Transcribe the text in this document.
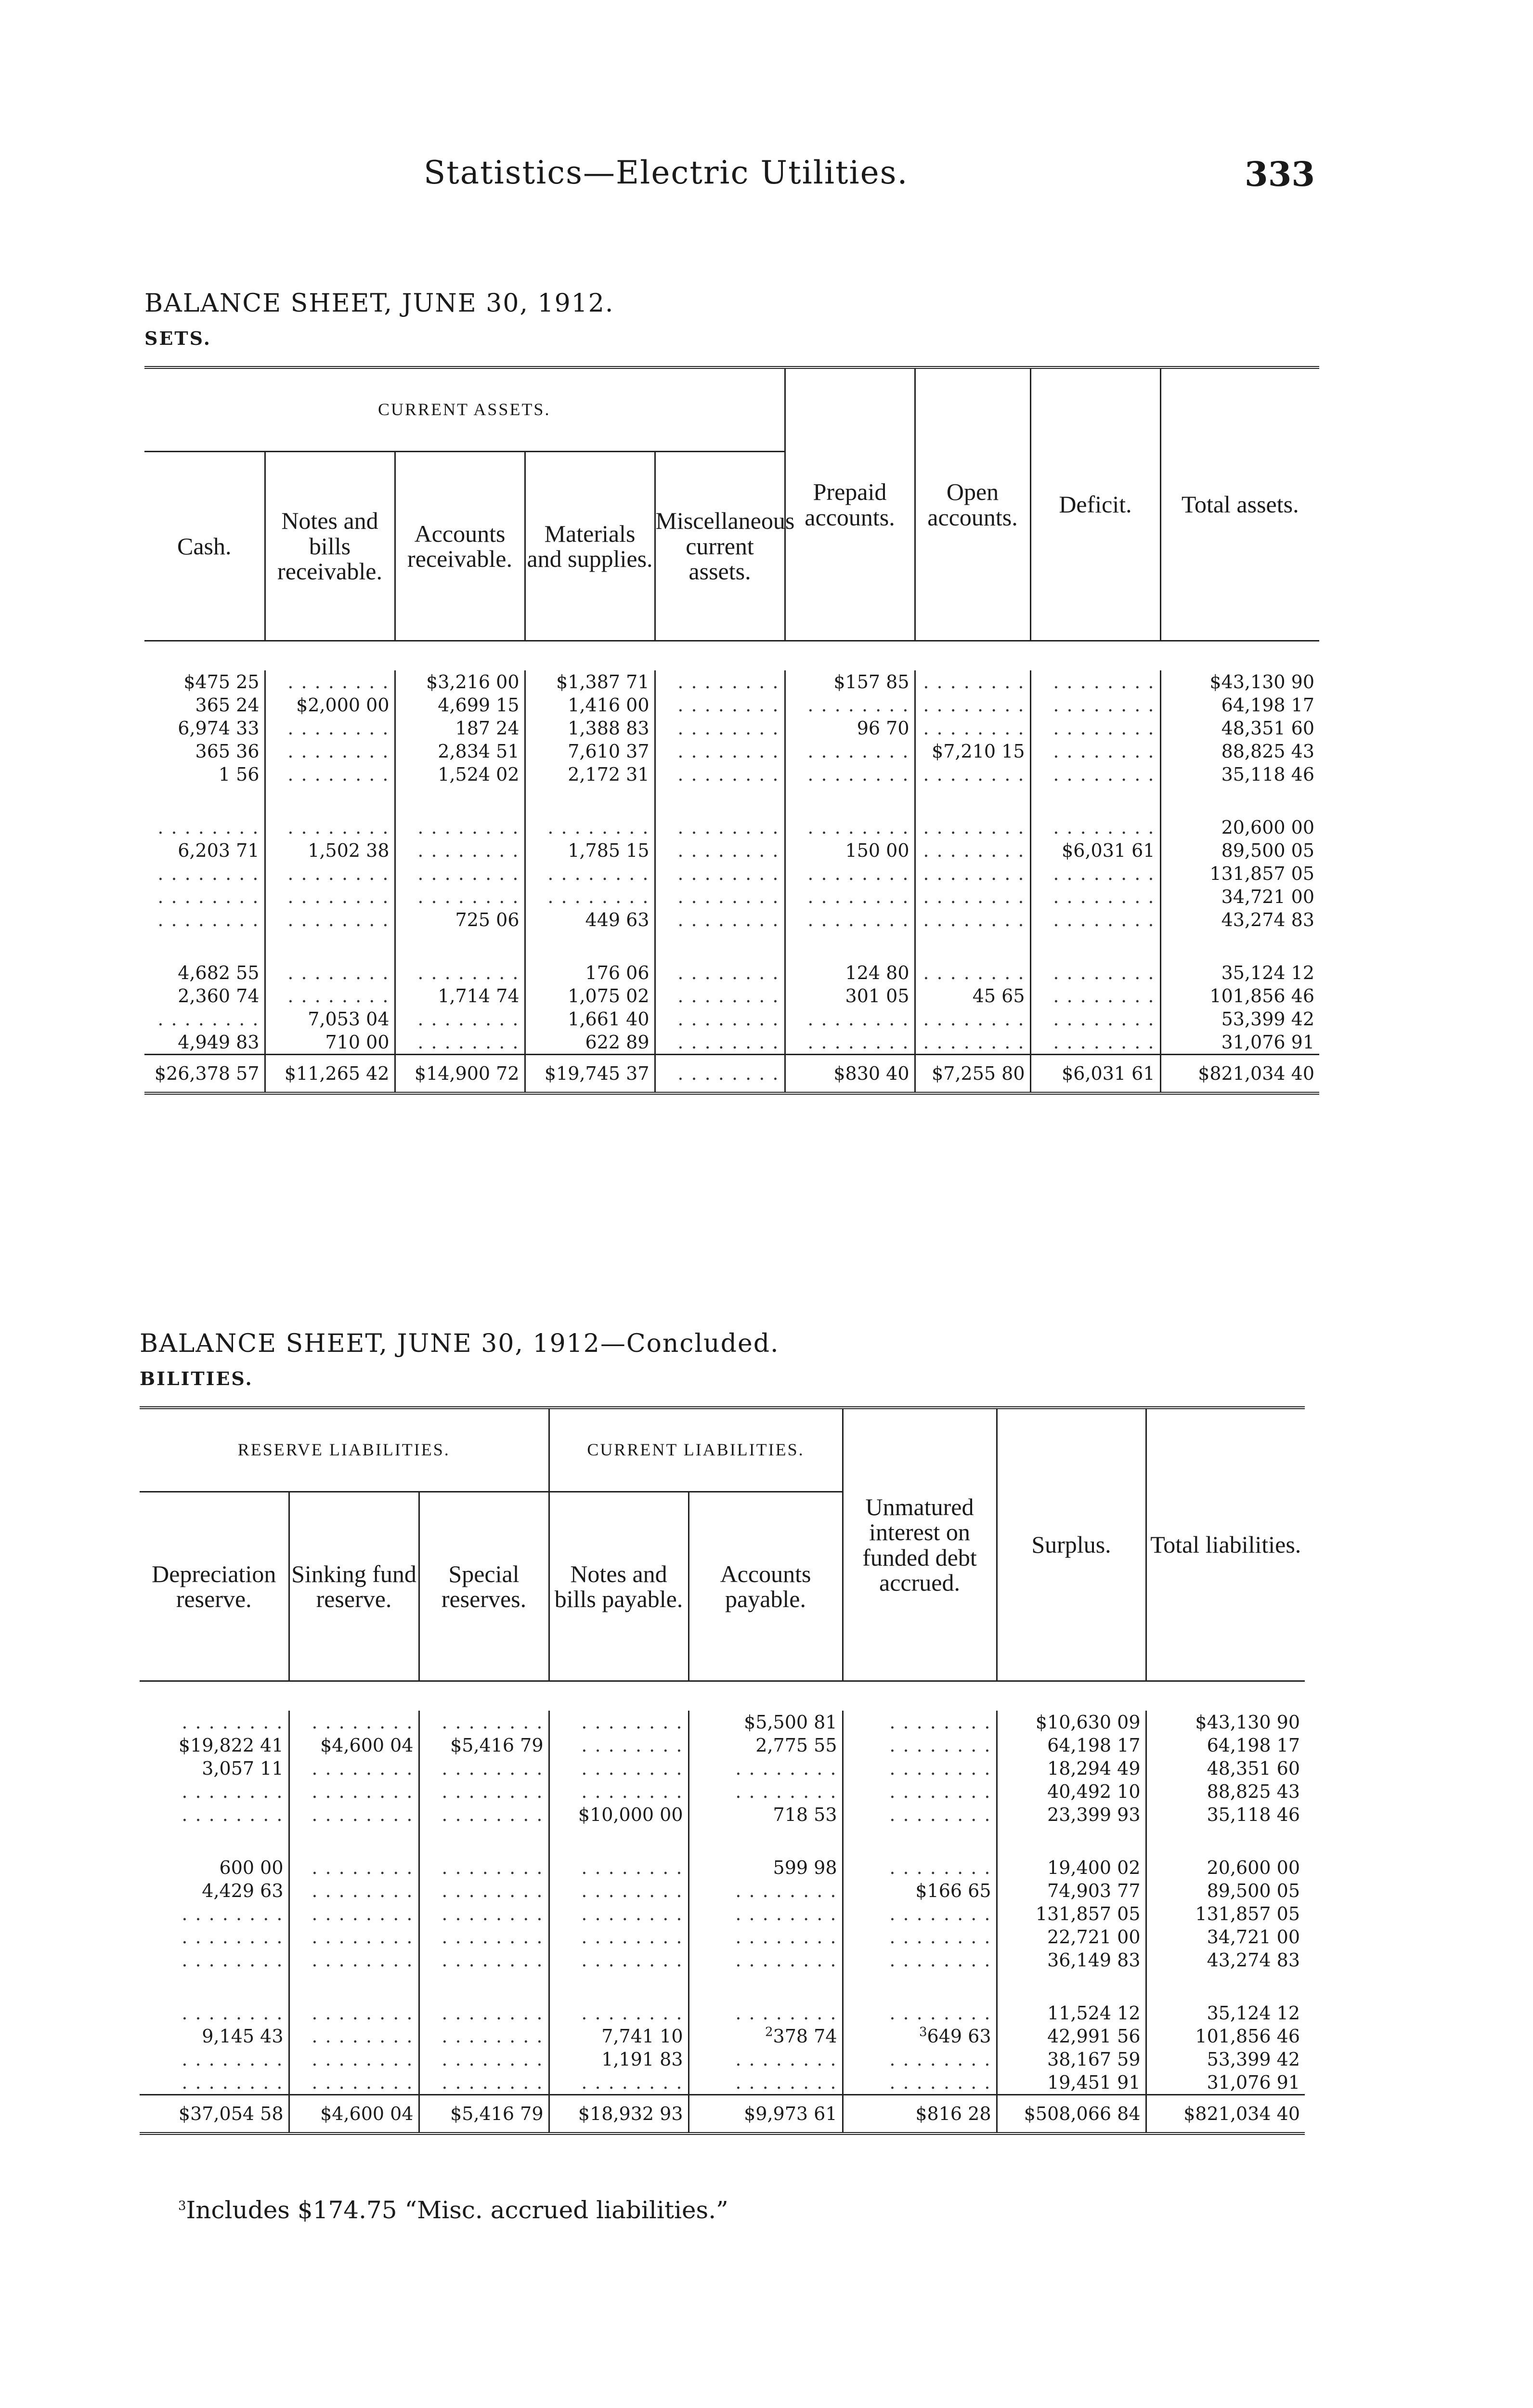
Statistics—Electric Utilities.	333
BALANCE SHEET, JUNE 30, 1912.
SETS.

CURRENT ASSETS.					Prepaid accounts.	Open accounts.	Deficit.	Total assets.
Cash.	Notes and bills receivable.	Accounts receivable.	Materials and supplies.	Miscellaneous current assets.				

$475 25	. . . . . . . .	$3,216 00	$1,387 71	. . . . . . . .	$157 85	. . . . . . . .	. . . . . . . .	$43,130 90
365 24	$2,000 00	4,699 15	1,416 00	. . . . . . . .	. . . . . . . .	. . . . . . . .	. . . . . . . .	64,198 17
6,974 33	. . . . . . . .	187 24	1,388 83	. . . . . . . .	96 70	. . . . . . . .	. . . . . . . .	48,351 60
365 36	. . . . . . . .	2,834 51	7,610 37	. . . . . . . .	. . . . . . . .	$7,210 15	. . . . . . . .	88,825 43
1 56	. . . . . . . .	1,524 02	2,172 31	. . . . . . . .	. . . . . . . .	. . . . . . . .	. . . . . . . .	35,118 46
. . . . . . . .	. . . . . . . .	. . . . . . . .	. . . . . . . .	. . . . . . . .	. . . . . . . .	. . . . . . . .	. . . . . . . .	20,600 00
6,203 71	1,502 38	. . . . . . . .	1,785 15	. . . . . . . .	150 00	. . . . . . . .	$6,031 61	89,500 05
. . . . . . . .	. . . . . . . .	. . . . . . . .	. . . . . . . .	. . . . . . . .	. . . . . . . .	. . . . . . . .	. . . . . . . .	131,857 05
. . . . . . . .	. . . . . . . .	. . . . . . . .	. . . . . . . .	. . . . . . . .	. . . . . . . .	. . . . . . . .	. . . . . . . .	34,721 00
. . . . . . . .	. . . . . . . .	725 06	449 63	. . . . . . . .	. . . . . . . .	. . . . . . . .	. . . . . . . .	43,274 83
4,682 55	. . . . . . . .	. . . . . . . .	176 06	. . . . . . . .	124 80	. . . . . . . .	. . . . . . . .	35,124 12
2,360 74	. . . . . . . .	1,714 74	1,075 02	. . . . . . . .	301 05	45 65	. . . . . . . .	101,856 46
. . . . . . . .	7,053 04	. . . . . . . .	1,661 40	. . . . . . . .	. . . . . . . .	. . . . . . . .	. . . . . . . .	53,399 42
4,949 83	710 00	. . . . . . . .	622 89	. . . . . . . .	. . . . . . . .	. . . . . . . .	. . . . . . . .	31,076 91
$26,378 57	$11,265 42	$14,900 72	$19,745 37	. . . . . . . .	$830 40	$7,255 80	$6,031 61	$821,034 40
BALANCE SHEET, JUNE 30, 1912—Concluded.
BILITIES.

RESERVE LIABILITIES.			CURRENT LIABILITIES.		Unmatured interest on funded debt accrued.	Surplus.	Total liabilities.
Depreciation reserve.	Sinking fund reserve.	Special reserves.	Notes and bills payable.	Accounts payable.			

. . . . . . . .	. . . . . . . .	. . . . . . . .	. . . . . . . .	$5,500 81	. . . . . . . .	$10,630 09	$43,130 90
$19,822 41	$4,600 04	$5,416 79	. . . . . . . .	2,775 55	. . . . . . . .	64,198 17	64,198 17
3,057 11	. . . . . . . .	. . . . . . . .	. . . . . . . .	. . . . . . . .	. . . . . . . .	18,294 49	48,351 60
. . . . . . . .	. . . . . . . .	. . . . . . . .	. . . . . . . .	. . . . . . . .	. . . . . . . .	40,492 10	88,825 43
. . . . . . . .	. . . . . . . .	. . . . . . . .	$10,000 00	718 53	. . . . . . . .	23,399 93	35,118 46
600 00	. . . . . . . .	. . . . . . . .	. . . . . . . .	599 98	. . . . . . . .	19,400 02	20,600 00
4,429 63	. . . . . . . .	. . . . . . . .	. . . . . . . .	. . . . . . . .	$166 65	74,903 77	89,500 05
. . . . . . . .	. . . . . . . .	. . . . . . . .	. . . . . . . .	. . . . . . . .	. . . . . . . .	131,857 05	131,857 05
. . . . . . . .	. . . . . . . .	. . . . . . . .	. . . . . . . .	. . . . . . . .	. . . . . . . .	22,721 00	34,721 00
. . . . . . . .	. . . . . . . .	. . . . . . . .	. . . . . . . .	. . . . . . . .	. . . . . . . .	36,149 83	43,274 83
. . . . . . . .	. . . . . . . .	. . . . . . . .	. . . . . . . .	. . . . . . . .	. . . . . . . .	11,524 12	35,124 12
9,145 43	. . . . . . . .	. . . . . . . .	7,741 10	$^2$378 74	$^3$649 63	42,991 56	101,856 46
. . . . . . . .	. . . . . . . .	. . . . . . . .	1,191 83	. . . . . . . .	. . . . . . . .	38,167 59	53,399 42
. . . . . . . .	. . . . . . . .	. . . . . . . .	. . . . . . . .	. . . . . . . .	. . . . . . . .	19,451 91	31,076 91
$37,054 58	$4,600 04	$5,416 79	$18,932 93	$9,973 61	$816 28	$508,066 84	$821,034 40
$^3$Includes $174.75 “Misc. accrued liabilities.”
